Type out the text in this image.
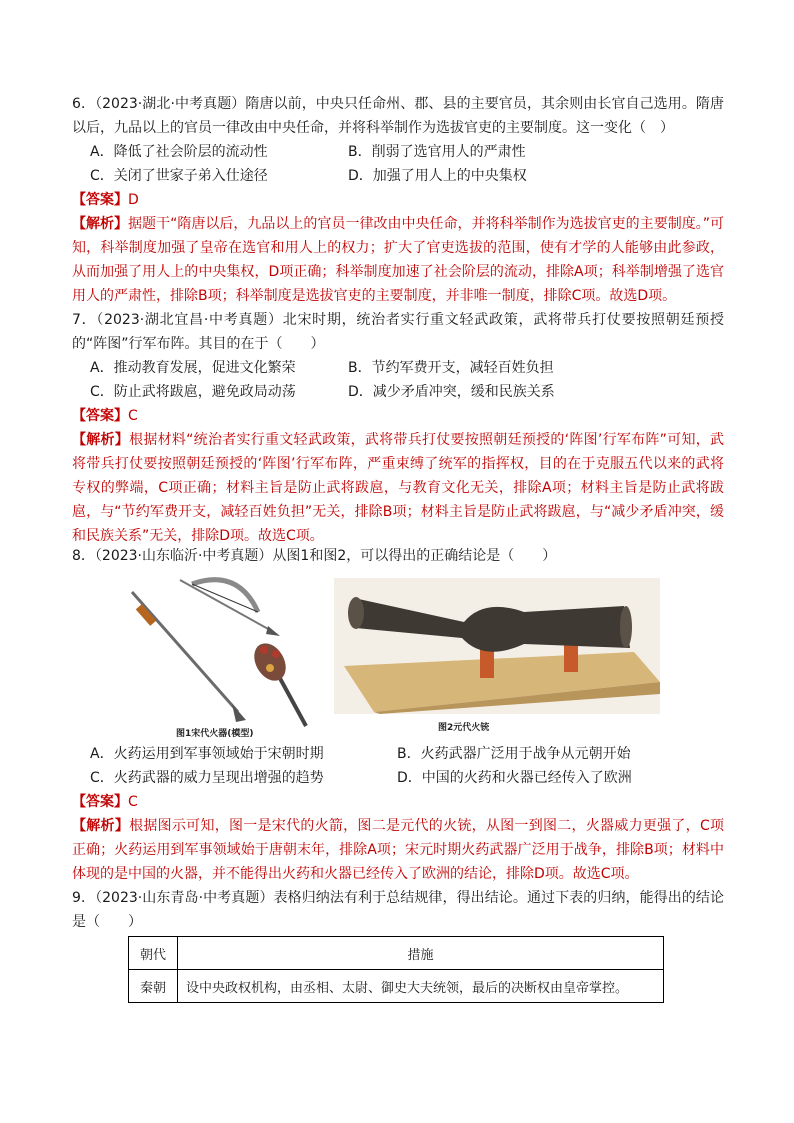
6．（2023·湖北·中考真题）隋唐以前，中央只任命州、郡、县的主要官员，其余则由长官自己选用。隋唐以后，九品以上的官员一律改由中央任命，并将科举制作为选拔官吏的主要制度。这一变化（　）
A．降低了社会阶层的流动性	B．削弱了选官用人的严肃性
C．关闭了世家子弟入仕途径	D．加强了用人上的中央集权
【答案】D
【解析】据题干“隋唐以后，九品以上的官员一律改由中央任命，并将科举制作为选拔官吏的主要制度。”可知，科举制度加强了皇帝在选官和用人上的权力；扩大了官吏选拔的范围，使有才学的人能够由此参政，从而加强了用人上的中央集权，D项正确；科举制度加速了社会阶层的流动，排除A项；科举制增强了选官用人的严肃性，排除B项；科举制度是选拔官吏的主要制度，并非唯一制度，排除C项。故选D项。
7．（2023·湖北宜昌·中考真题）北宋时期，统治者实行重文轻武政策，武将带兵打仗要按照朝廷预授的“阵图”行军布阵。其目的在于（　　）
A．推动教育发展，促进文化繁荣	B．节约军费开支，减轻百姓负担
C．防止武将跋扈，避免政局动荡	D．减少矛盾冲突，缓和民族关系
【答案】C
【解析】根据材料“统治者实行重文轻武政策，武将带兵打仗要按照朝廷预授的‘阵图’行军布阵”可知，武将带兵打仗要按照朝廷预授的‘阵图’行军布阵，严重束缚了统军的指挥权，目的在于克服五代以来的武将专权的弊端，C项正确；材料主旨是防止武将跋扈，与教育文化无关，排除A项；材料主旨是防止武将跋扈，与“节约军费开支，减轻百姓负担”无关，排除B项；材料主旨是防止武将跋扈，与“减少矛盾冲突，缓和民族关系”无关，排除D项。故选C项。
8．（2023·山东临沂·中考真题）从图1和图2，可以得出的正确结论是（　　）
图1宋代火器(模型)
图2元代火铳
A．火药运用到军事领域始于宋朝时期	B．火药武器广泛用于战争从元朝开始
C．火药武器的威力呈现出增强的趋势	D．中国的火药和火器已经传入了欧洲
【答案】C
【解析】根据图示可知，图一是宋代的火箭，图二是元代的火铳，从图一到图二，火器威力更强了，C项正确；火药运用到军事领域始于唐朝末年，排除A项；宋元时期火药武器广泛用于战争，排除B项；材料中体现的是中国的火器，并不能得出火药和火器已经传入了欧洲的结论，排除D项。故选C项。
9．（2023·山东青岛·中考真题）表格归纳法有利于总结规律，得出结论。通过下表的归纳，能得出的结论是（　　）
朝代	措施
秦朝	设中央政权机构，由丞相、太尉、御史大夫统领，最后的决断权由皇帝掌控。
